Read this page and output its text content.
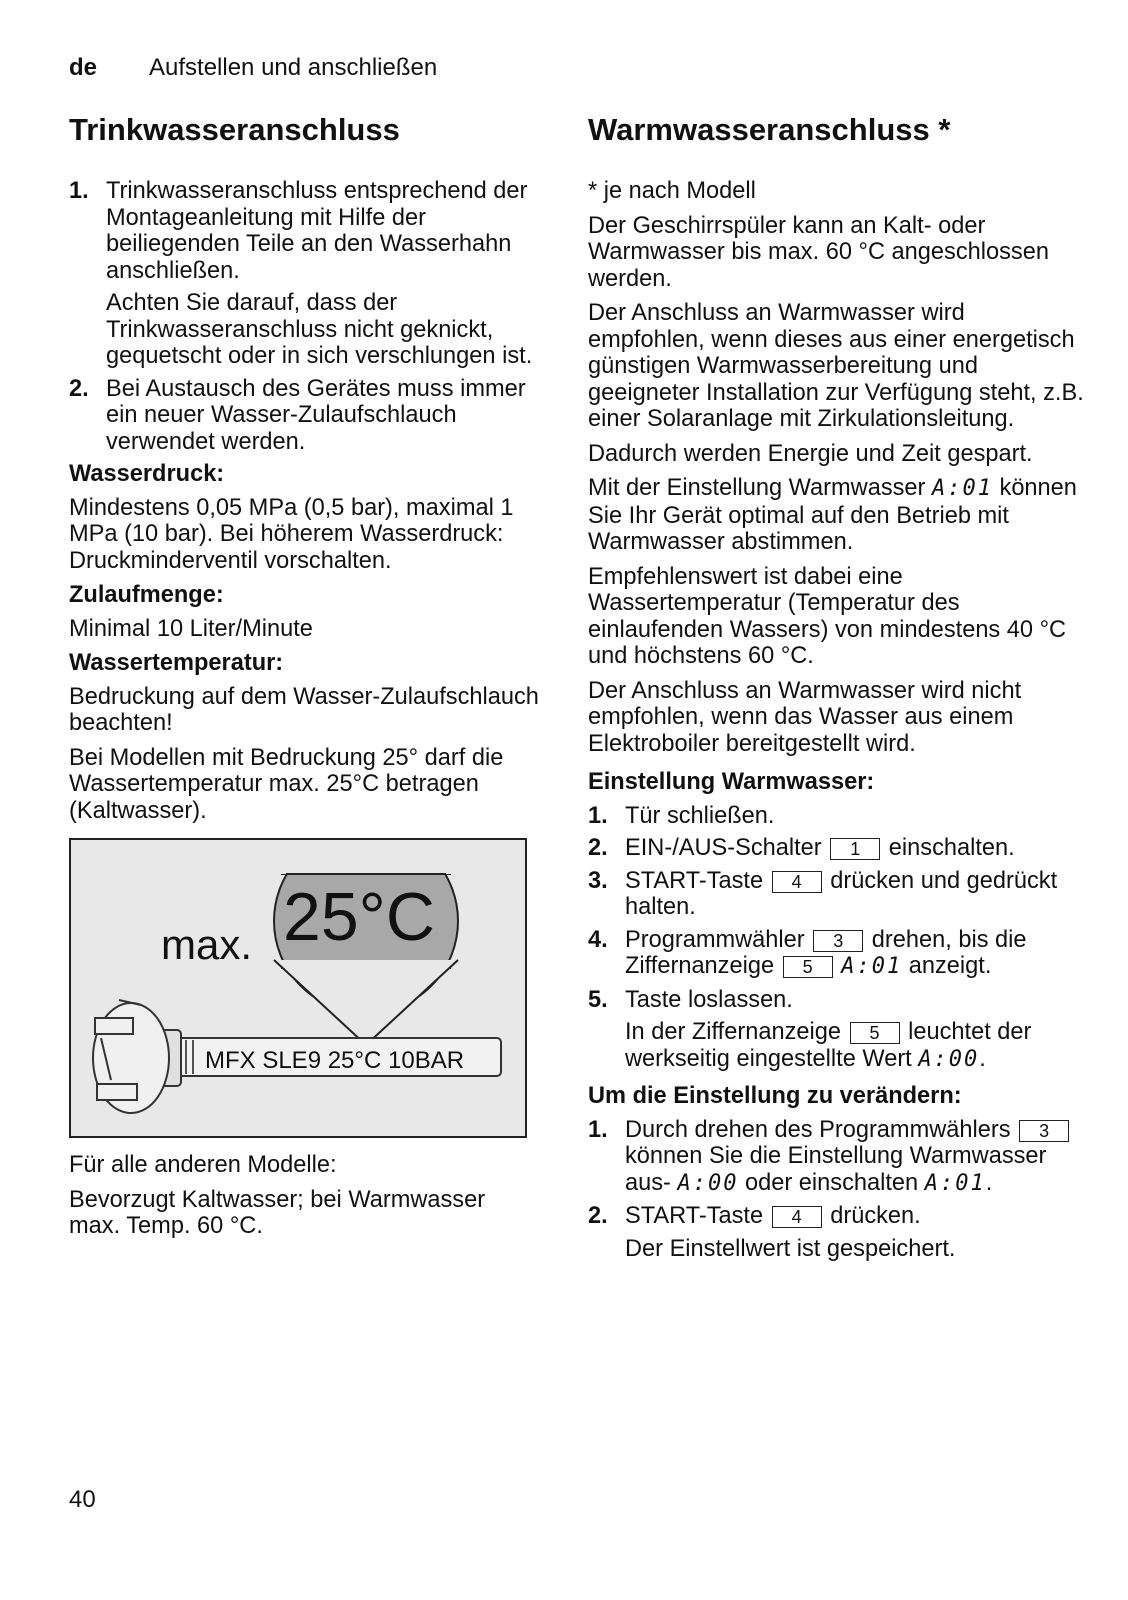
de Aufstellen und anschließen
Trinkwasseranschluss
1. Trinkwasseranschluss entsprechend der Montageanleitung mit Hilfe der beiliegenden Teile an den Wasserhahn anschließen.

Achten Sie darauf, dass der Trinkwasseranschluss nicht geknickt, gequetscht oder in sich verschlungen ist.

2. Bei Austausch des Gerätes muss immer ein neuer Wasser-Zulaufschlauch verwendet werden.

Wasserdruck:

Mindestens 0,05 MPa (0,5 bar), maximal 1 MPa (10 bar). Bei höherem Wasserdruck: Druckminderventil vorschalten.

Zulaufmenge:

Minimal 10 Liter/Minute

Wassertemperatur:

Bedruckung auf dem Wasser-Zulaufschlauch beachten!

Bei Modellen mit Bedruckung 25° darf die Wassertemperatur max. 25°C betragen (Kaltwasser).

max. 25°C
MFX SLE9 25°C 10BAR

Für alle anderen Modelle:

Bevorzugt Kaltwasser; bei Warmwasser max. Temp. 60 °C.

Warmwasseranschluss *

* je nach Modell

Der Geschirrspüler kann an Kalt- oder Warmwasser bis max. 60 °C angeschlossen werden.

Der Anschluss an Warmwasser wird empfohlen, wenn dieses aus einer energetisch günstigen Warmwasserbereitung und geeigneter Installation zur Verfügung steht, z.B. einer Solaranlage mit Zirkulationsleitung.

Dadurch werden Energie und Zeit gespart.

Mit der Einstellung Warmwasser A:01 können Sie Ihr Gerät optimal auf den Betrieb mit Warmwasser abstimmen.

Empfehlenswert ist dabei eine Wassertemperatur (Temperatur des einlaufenden Wassers) von mindestens 40 °C und höchstens 60 °C.

Der Anschluss an Warmwasser wird nicht empfohlen, wenn das Wasser aus einem Elektroboiler bereitgestellt wird.

Einstellung Warmwasser:

1. Tür schließen.

2. EIN-/AUS-Schalter 1 einschalten.

3. START-Taste 4 drücken und gedrückt halten.

4. Programmwähler 3 drehen, bis die Ziffernanzeige 5 A:01 anzeigt.

5. Taste loslassen.

In der Ziffernanzeige 5 leuchtet der werkseitig eingestellte Wert A:00.

Um die Einstellung zu verändern:

1. Durch drehen des Programmwählers 3 können Sie die Einstellung Warmwasser aus- A:00 oder einschalten A:01.

2. START-Taste 4 drücken.

Der Einstellwert ist gespeichert.

40
